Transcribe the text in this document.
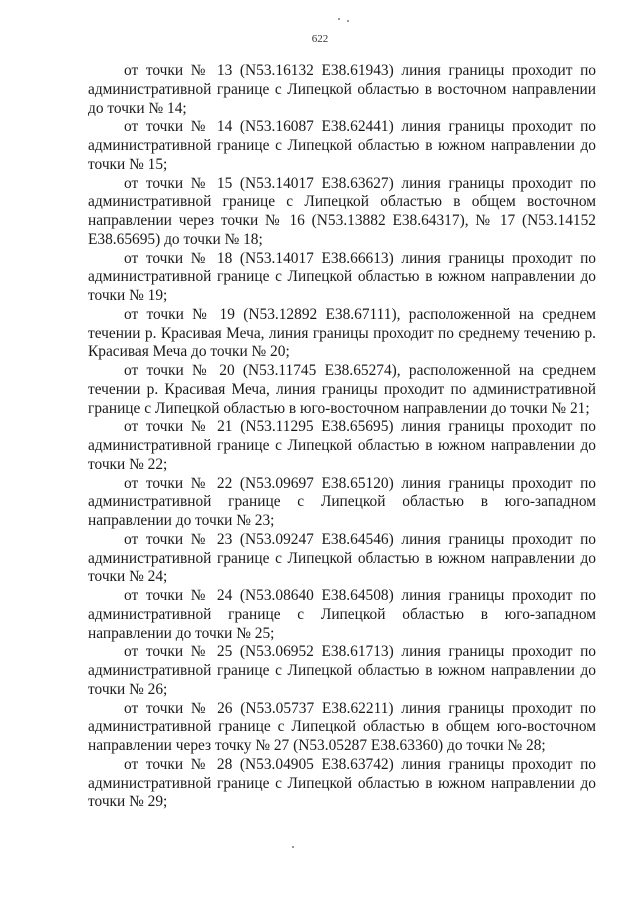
622

от точки № 13 (N53.16132 E38.61943) линия границы проходит по административной границе с Липецкой областью в восточном направлении до точки № 14;

от точки № 14 (N53.16087 E38.62441) линия границы проходит по административной границе с Липецкой областью в южном направлении до точки № 15;

от точки № 15 (N53.14017 E38.63627) линия границы проходит по административной границе с Липецкой областью в общем восточном направлении через точки № 16 (N53.13882 E38.64317), № 17 (N53.14152 E38.65695) до точки № 18;

от точки № 18 (N53.14017 E38.66613) линия границы проходит по административной границе с Липецкой областью в южном направлении до точки № 19;

от точки № 19 (N53.12892 E38.67111), расположенной на среднем течении р. Красивая Меча, линия границы проходит по среднему течению р. Красивая Меча до точки № 20;

от точки № 20 (N53.11745 E38.65274), расположенной на среднем течении р. Красивая Меча, линия границы проходит по административной границе с Липецкой областью в юго-восточном направлении до точки № 21;

от точки № 21 (N53.11295 E38.65695) линия границы проходит по административной границе с Липецкой областью в южном направлении до точки № 22;

от точки № 22 (N53.09697 E38.65120) линия границы проходит по административной границе с Липецкой областью в юго-западном направлении до точки № 23;

от точки № 23 (N53.09247 E38.64546) линия границы проходит по административной границе с Липецкой областью в южном направлении до точки № 24;

от точки № 24 (N53.08640 E38.64508) линия границы проходит по административной границе с Липецкой областью в юго-западном направлении до точки № 25;

от точки № 25 (N53.06952 E38.61713) линия границы проходит по административной границе с Липецкой областью в южном направлении до точки № 26;

от точки № 26 (N53.05737 E38.62211) линия границы проходит по административной границе с Липецкой областью в общем юго-восточном направлении через точку № 27 (N53.05287 E38.63360) до точки № 28;

от точки № 28 (N53.04905 E38.63742) линия границы проходит по административной границе с Липецкой областью в южном направлении до точки № 29;
